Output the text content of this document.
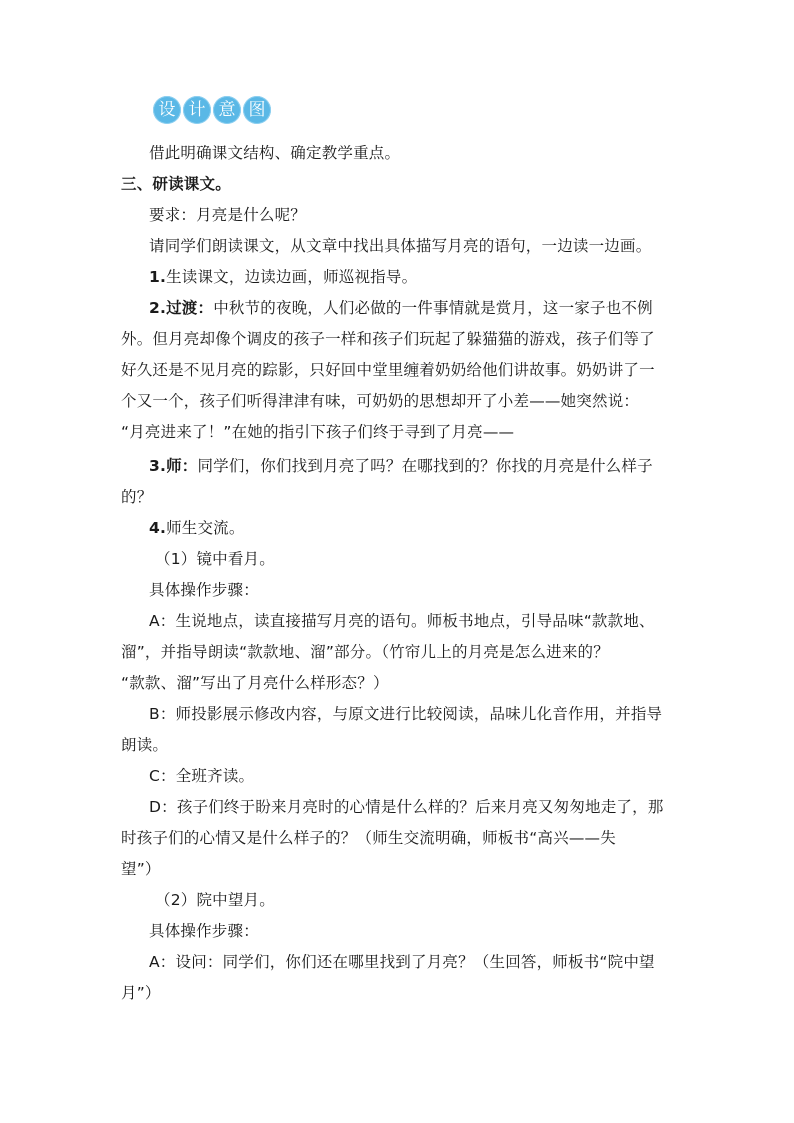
设 计 意 图
借此明确课文结构、确定教学重点。
三、研读课文。
要求：月亮是什么呢？
请同学们朗读课文，从文章中找出具体描写月亮的语句，一边读一边画。
1.生读课文，边读边画，师巡视指导。
2.过渡：中秋节的夜晚，人们必做的一件事情就是赏月，这一家子也不例
外。但月亮却像个调皮的孩子一样和孩子们玩起了躲猫猫的游戏，孩子们等了
好久还是不见月亮的踪影，只好回中堂里缠着奶奶给他们讲故事。奶奶讲了一
个又一个，孩子们听得津津有味，可奶奶的思想却开了小差——她突然说：
“月亮进来了！”在她的指引下孩子们终于寻到了月亮——
3.师：同学们，你们找到月亮了吗？在哪找到的？你找的月亮是什么样子
的？
4.师生交流。
（1）镜中看月。
具体操作步骤：
A：生说地点，读直接描写月亮的语句。师板书地点，引导品味“款款地、
溜”，并指导朗读“款款地、溜”部分。（竹帘儿上的月亮是怎么进来的？
“款款、溜”写出了月亮什么样形态？）
B：师投影展示修改内容，与原文进行比较阅读，品味儿化音作用，并指导
朗读。
C：全班齐读。
D：孩子们终于盼来月亮时的心情是什么样的？后来月亮又匆匆地走了，那
时孩子们的心情又是什么样子的？（师生交流明确，师板书“高兴——失
望”）
（2）院中望月。
具体操作步骤：
A：设问：同学们，你们还在哪里找到了月亮？（生回答，师板书“院中望
月”）
